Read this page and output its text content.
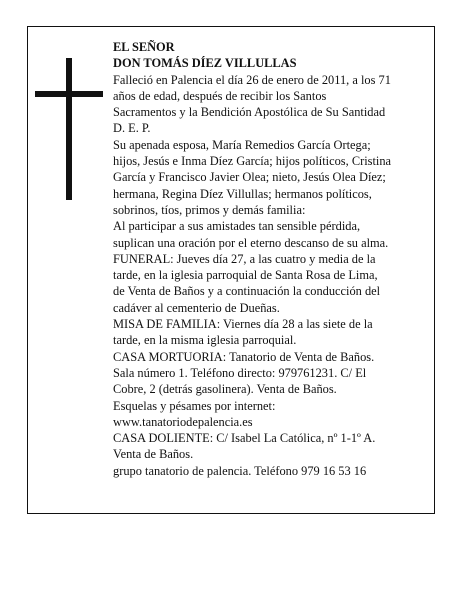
EL SEÑOR

DON TOMÁS DÍEZ VILLULLAS

Falleció en Palencia el día 26 de enero de 2011, a los 71
años de edad, después de recibir los Santos
Sacramentos y la Bendición Apostólica de Su Santidad
D. E. P.

Su apenada esposa, María Remedios García Ortega;
hijos, Jesús e Inma Díez García; hijos políticos, Cristina
García y Francisco Javier Olea; nieto, Jesús Olea Díez;
hermana, Regina Díez Villullas; hermanos políticos,
sobrinos, tíos, primos y demás familia:

Al participar a sus amistades tan sensible pérdida,
suplican una oración por el eterno descanso de su alma.

FUNERAL: Jueves día 27, a las cuatro y media de la
tarde, en la iglesia parroquial de Santa Rosa de Lima,
de Venta de Baños y a continuación la conducción del
cadáver al cementerio de Dueñas.

MISA DE FAMILIA: Viernes día 28 a las siete de la
tarde, en la misma iglesia parroquial.

CASA MORTUORIA: Tanatorio de Venta de Baños.
Sala número 1. Teléfono directo: 979761231. C/ El
Cobre, 2 (detrás gasolinera). Venta de Baños.

Esquelas y pésames por internet:
www.tanatoriodepalencia.es

CASA DOLIENTE: C/ Isabel La Católica, nº 1-1º A.
Venta de Baños.

grupo tanatorio de palencia. Teléfono 979 16 53 16
